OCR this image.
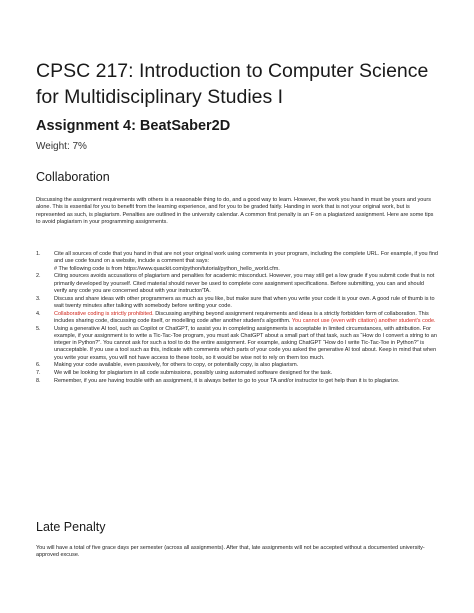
CPSC 217: Introduction to Computer Science for Multidisciplinary Studies I
Assignment 4: BeatSaber2D
Weight: 7%
Collaboration
Discussing the assignment requirements with others is a reasonable thing to do, and a good way to learn. However, the work you hand in must be yours and yours alone. This is essential for you to benefit from the learning experience, and for you to be graded fairly. Handing in work that is not your original work, but is represented as such, is plagiarism. Penalties are outlined in the university calendar. A common first penalty is an F on a plagiarized assignment. Here are some tips to avoid plagiarism in your programming assignments.
1. Cite all sources of code that you hand in that are not your original work using comments in your program, including the complete URL. For example, if you find and use code found on a website, include a comment that says:
# The following code is from https://www.quackit.com/python/tutorial/python_hello_world.cfm.
2. Citing sources avoids accusations of plagiarism and penalties for academic misconduct. However, you may still get a low grade if you submit code that is not primarily developed by yourself. Cited material should never be used to complete core assignment specifications. Before submitting, you can and should verify any code you are concerned about with your instructor/TA.
3. Discuss and share ideas with other programmers as much as you like, but make sure that when you write your code it is your own. A good rule of thumb is to wait twenty minutes after talking with somebody before writing your code.
4. Collaborative coding is strictly prohibited. Discussing anything beyond assignment requirements and ideas is a strictly forbidden form of collaboration. This includes sharing code, discussing code itself, or modelling code after another student's algorithm. You cannot use (even with citation) another student's code.
5. Using a generative AI tool, such as Copilot or ChatGPT, to assist you in completing assignments is acceptable in limited circumstances, with attribution. For example, if your assignment is to write a Tic-Tac-Toe program, you must ask ChatGPT about a small part of that task, such as “How do I convert a string to an integer in Python?”. You cannot ask for such a tool to do the entire assignment. For example, asking ChatGPT “How do I write Tic-Tac-Toe in Python?” is unacceptable. If you use a tool such as this, indicate with comments which parts of your code you asked the generative AI tool about. Keep in mind that when you write your exams, you will not have access to these tools, so it would be wise not to rely on them too much.
6. Making your code available, even passively, for others to copy, or potentially copy, is also plagiarism.
7. We will be looking for plagiarism in all code submissions, possibly using automated software designed for the task.
8. Remember, if you are having trouble with an assignment, it is always better to go to your TA and/or instructor to get help than it is to plagiarize.
Late Penalty
You will have a total of five grace days per semester (across all assignments). After that, late assignments will not be accepted without a documented university-approved excuse.
